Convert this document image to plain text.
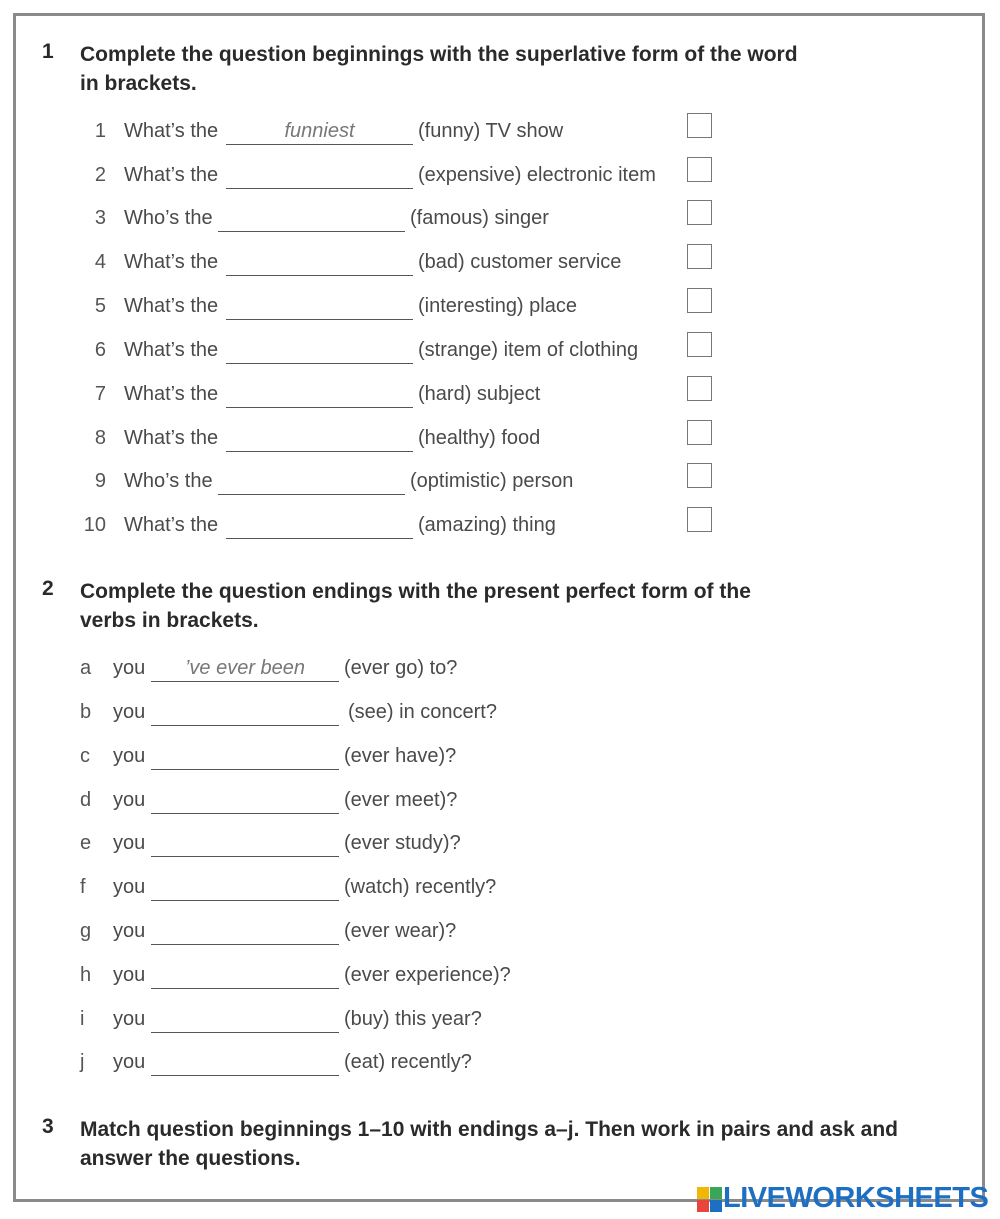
1 Complete the question beginnings with the superlative form of the word
in brackets.
1 What’s the	funniest	(funny) TV show
2 What’s the	(expensive) electronic item
3 Who’s the	(famous) singer
4 What’s the	(bad) customer service
5 What’s the	(interesting) place
6 What’s the	(strange) item of clothing
7 What’s the	(hard) subject
8 What’s the	(healthy) food
9 Who’s the	(optimistic) person
10 What’s the	(amazing) thing
2 Complete the question endings with the present perfect form of the
verbs in brackets.
a	you	’ve ever been	(ever go) to?
b	you	(see) in concert?
c	you	(ever have)?
d	you	(ever meet)?
e	you	(ever study)?
f	you	(watch) recently?
g	you	(ever wear)?
h	you	(ever experience)?
i	you	(buy) this year?
j	you	(eat) recently?
3 Match question beginnings 1–10 with endings a–j. Then work in pairs and ask and
answer the questions.
LIVEWORKSHEETS
